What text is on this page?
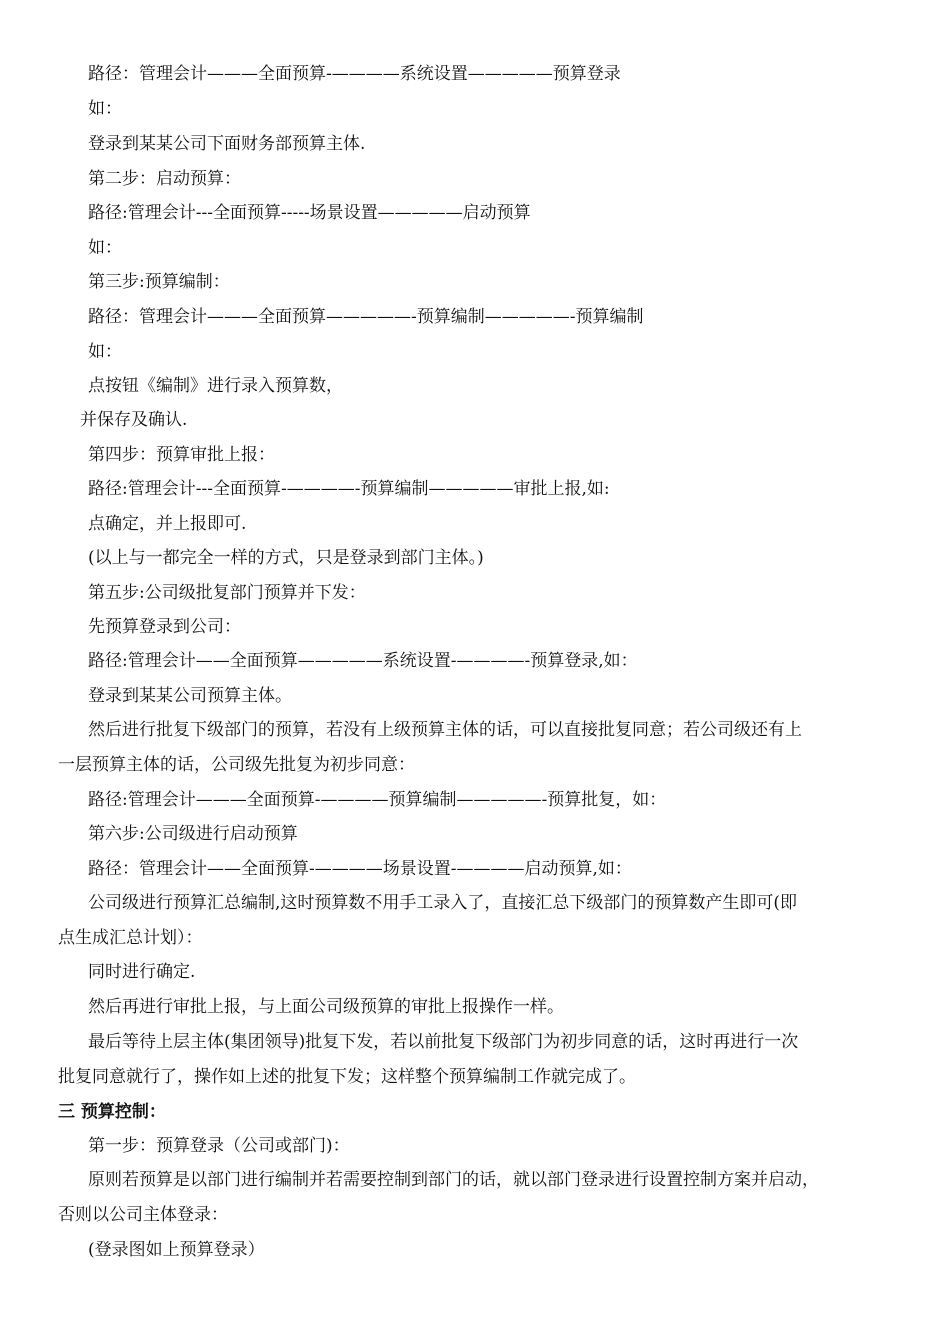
路径：管理会计———全面预算-————系统设置—————预算登录
如：
登录到某某公司下面财务部预算主体.
第二步：启动预算：
路径:管理会计---全面预算-----场景设置—————启动预算
如：
第三步:预算编制：
路径：管理会计———全面预算—————-预算编制—————-预算编制
如：
点按钮《编制》进行录入预算数，
并保存及确认.
第四步：预算审批上报：
路径:管理会计---全面预算-————-预算编制—————审批上报,如:
点确定，并上报即可.
(以上与一都完全一样的方式，只是登录到部门主体。)
第五步:公司级批复部门预算并下发：
先预算登录到公司：
路径:管理会计——全面预算—————系统设置-————-预算登录,如：
登录到某某公司预算主体。
然后进行批复下级部门的预算，若没有上级预算主体的话，可以直接批复同意；若公司级还有上
一层预算主体的话，公司级先批复为初步同意：
路径:管理会计———全面预算-————预算编制—————-预算批复，如：
第六步:公司级进行启动预算
路径：管理会计——全面预算-————场景设置-————启动预算,如：
公司级进行预算汇总编制,这时预算数不用手工录入了，直接汇总下级部门的预算数产生即可(即
点生成汇总计划）：
同时进行确定.
然后再进行审批上报，与上面公司级预算的审批上报操作一样。
最后等待上层主体(集团领导)批复下发，若以前批复下级部门为初步同意的话，这时再进行一次
批复同意就行了，操作如上述的批复下发；这样整个预算编制工作就完成了。
三 预算控制：
第一步：预算登录（公司或部门)：
原则若预算是以部门进行编制并若需要控制到部门的话，就以部门登录进行设置控制方案并启动，
否则以公司主体登录：
(登录图如上预算登录）
